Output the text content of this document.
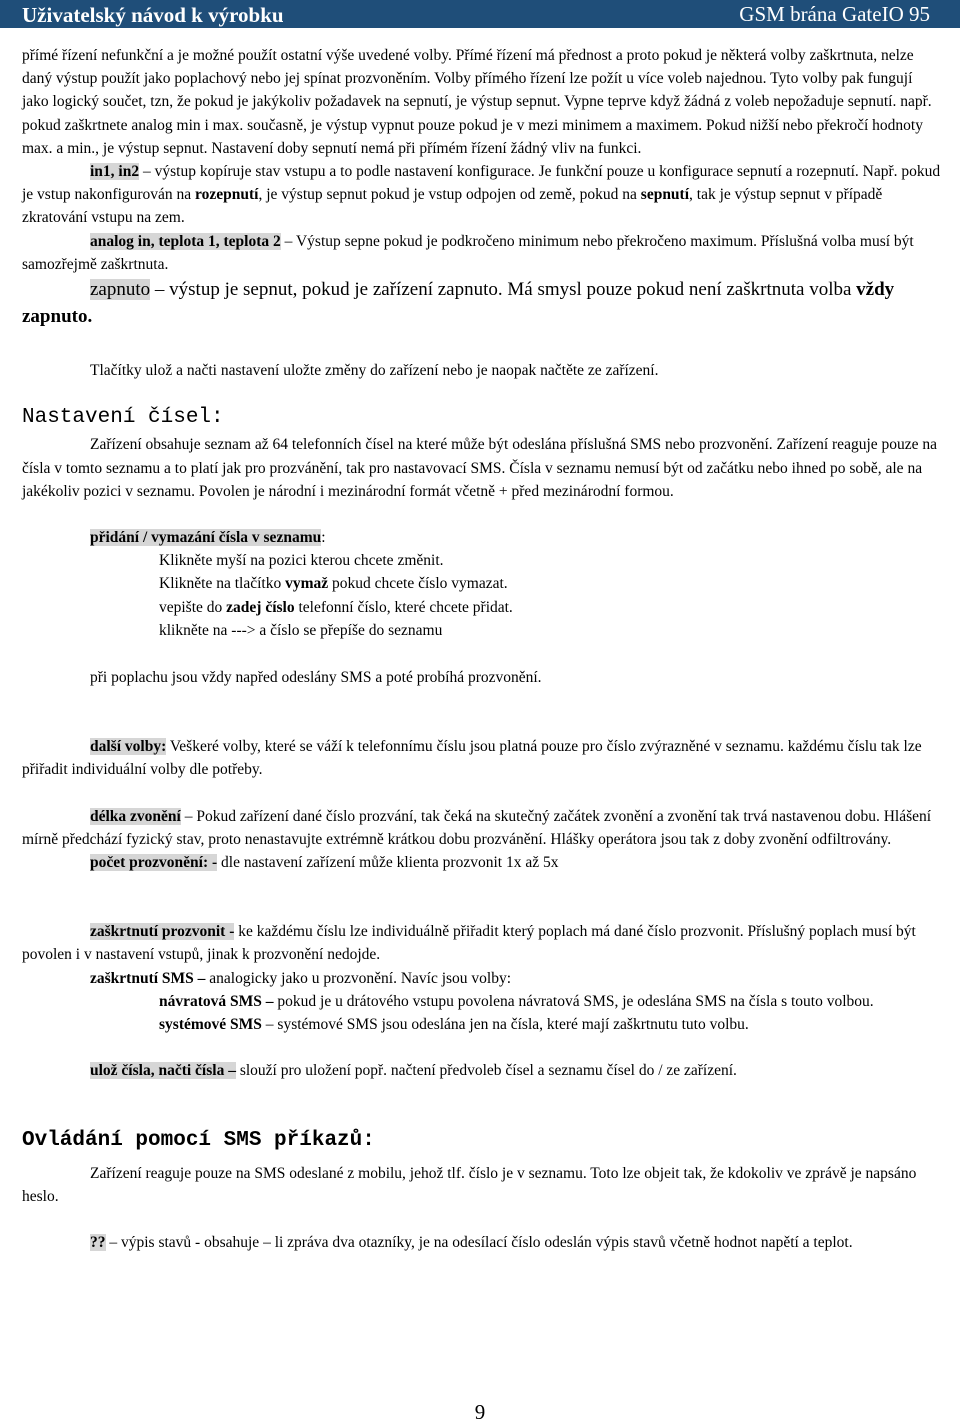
Uživatelský návod k výrobku	GSM brána GateIO 95

přímé řízení nefunkční a je možné použít ostatní výše uvedené volby. Přímé řízení má přednost a proto pokud je některá volby zaškrtnuta, nelze daný výstup použít jako poplachový nebo jej spínat prozvoněním. Volby přímého řízení lze požít u více voleb najednou. Tyto volby pak fungují jako logický součet, tzn, že pokud je jakýkoliv požadavek na sepnutí, je výstup sepnut. Vypne teprve když žádná z voleb nepožaduje sepnutí. např. pokud zaškrtnete analog min i max. současně, je výstup vypnut pouze pokud je v mezi minimem a maximem. Pokud nižší nebo překročí hodnoty max. a min., je výstup sepnut. Nastavení doby sepnutí nemá při přímém řízení žádný vliv na funkci.

in1, in2 – výstup kopíruje stav vstupu a to podle nastavení konfigurace. Je funkční pouze u konfigurace sepnutí a rozepnutí. Např. pokud je vstup nakonfigurován na rozepnutí, je výstup sepnut pokud je vstup odpojen od země, pokud na sepnutí, tak je výstup sepnut v případě zkratování vstupu na zem.

analog in, teplota 1, teplota 2 – Výstup sepne pokud je podkročeno minimum nebo překročeno maximum. Příslušná volba musí být samozřejmě zaškrtnuta.

zapnuto – výstup je sepnut, pokud je zařízení zapnuto. Má smysl pouze pokud není zaškrtnuta volba vždy zapnuto.

• Tlačítky ulož a načti nastavení uložte změny do zařízení nebo je naopak načtěte ze zařízení.
Nastavení čísel:

Zařízení obsahuje seznam až 64 telefonních čísel na které může být odeslána příslušná SMS nebo prozvonění. Zařízení reaguje pouze na čísla v tomto seznamu a to platí jak pro prozvánění, tak pro nastavovací SMS. Čísla v seznamu nemusí být od začátku nebo ihned po sobě, ale na jakékoliv pozici v seznamu. Povolen je národní i mezinárodní formát včetně + před mezinárodní formou.

přidání / vymazání čísla v seznamu:

• Klikněte myší na pozici kterou chcete změnit.
• Klikněte na tlačítko vymaž pokud chcete číslo vymazat.
• vepište do zadej číslo telefonní číslo, které chcete přidat.
• klikněte na ---> a číslo se přepíše do seznamu
• při poplachu jsou vždy napřed odeslány SMS a poté probíhá prozvonění.

další volby: Veškeré volby, které se váží k telefonnímu číslu jsou platná pouze pro číslo zvýrazněné v seznamu. každému číslu tak lze přiřadit individuální volby dle potřeby.

délka zvonění – Pokud zařízení dané číslo prozvání, tak čeká na skutečný začátek zvonění a zvonění tak trvá nastavenou dobu. Hlášení mírně předchází fyzický stav, proto nenastavujte extrémně krátkou dobu prozvánění. Hlášky operátora jsou tak z doby zvonění odfiltrovány.

počet prozvonění: - dle nastavení zařízení může klienta prozvonit 1x až 5x

zaškrtnutí prozvonit - ke každému číslu lze individuálně přiřadit který poplach má dané číslo prozvonit. Příslušný poplach musí být povolen i v nastavení vstupů, jinak k prozvonění nedojde.

zaškrtnutí SMS – analogicky jako u prozvonění. Navíc jsou volby:

• návratová SMS – pokud je u drátového vstupu povolena návratová SMS, je odeslána SMS na čísla s touto volbou.
• systémové SMS – systémové SMS jsou odeslána jen na čísla, které mají zaškrtnutu tuto volbu.

ulož čísla, načti čísla – slouží pro uložení popř. načtení předvoleb čísel a seznamu čísel do / ze zařízení.

Ovládání pomocí SMS příkazů:

Zařízení reaguje pouze na SMS odeslané z mobilu, jehož tlf. číslo je v seznamu. Toto lze objeit tak, že kdokoliv ve zprávě je napsáno heslo.

?? – výpis stavů - obsahuje – li zpráva dva otazníky, je na odesílací číslo odeslán výpis stavů včetně hodnot napětí a teplot.

9
